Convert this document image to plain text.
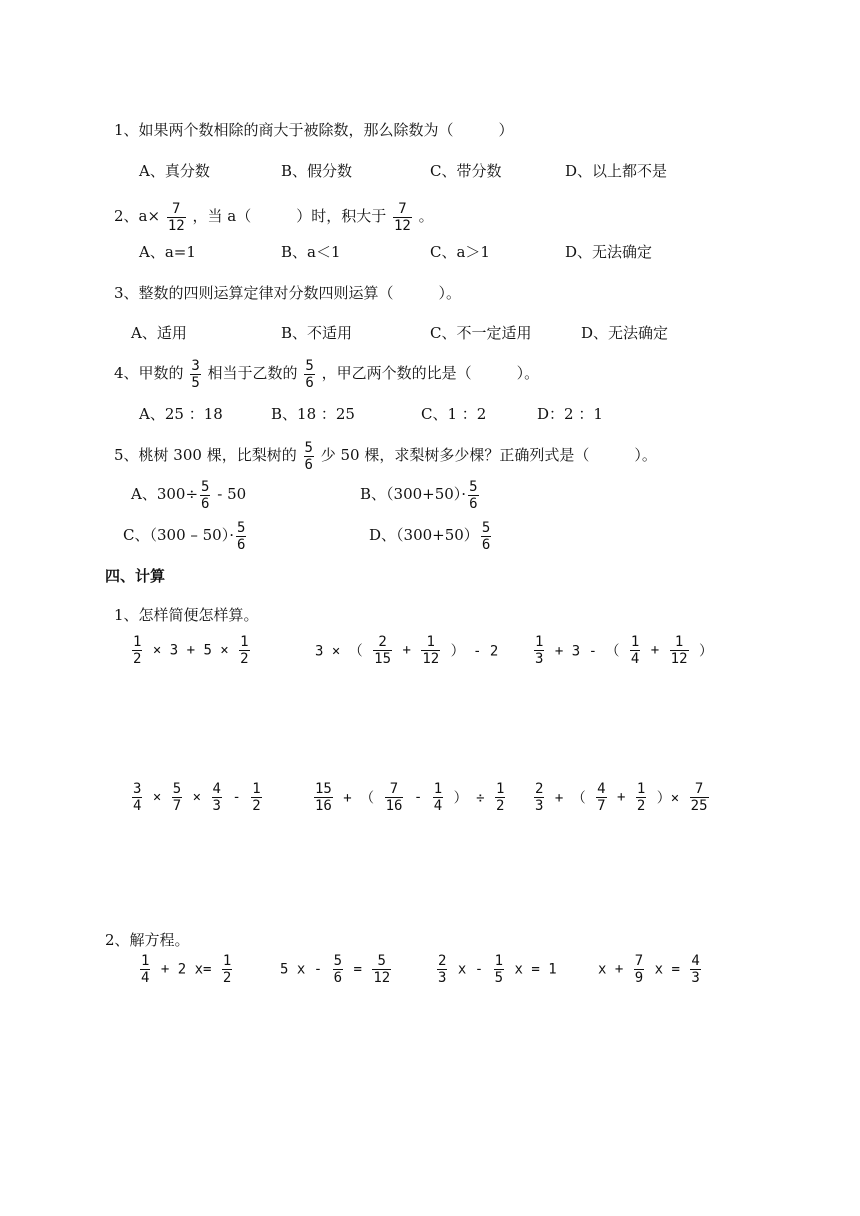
1、如果两个数相除的商大于被除数，那么除数为（　　　）
A、真分数	B、假分数	C、带分数	D、以上都不是
2、$a\times \frac{7}{12}$ ，当 a（　　　）时，积大于 $\frac{7}{12}$ 。
A、a=1	B、a＜1	C、a＞1	D、无法确定
3、整数的四则运算定律对分数四则运算（　　　）。
A、适用	B、不适用	C、不一定适用	D、无法确定
4、甲数的 $\frac{3}{5}$ 相当于乙数的 $\frac{5}{6}$ ，甲乙两个数的比是（　　　）。
A、25 ：18	B、18 ：25	C、1 ：2	D：2 ：1
5、桃树 300 棵，比梨树的 $\frac{5}{6}$ 少 50 棵，求梨树多少棵？正确列式是（　　　）。
A、$300\div \frac{5}{6} - 50$	B、$(300+50)\cdot \frac{5}{6}$
C、$(300 - 50)\cdot \frac{5}{6}$	D、$(300+50) \frac{5}{6}$
四、计算
1、怎样简便怎样算。
$\frac{1}{2} \times 3 + 5 \times \frac{1}{2}$	3 × （ $\frac{2}{15} + \frac{1}{12}$ ） - 2	$\frac{1}{3} + 3$ - （ $\frac{1}{4} + \frac{1}{12}$ ）
$\frac{3}{4} \times \frac{5}{7} \times \frac{4}{3} - \frac{1}{2}$	$\frac{15}{16}$ + （ $\frac{7}{16} - \frac{1}{4}$ ） ÷ $\frac{1}{2} \frac{2}{3}$ + （ $\frac{4}{7} + \frac{1}{2}$ ）× $\frac{7}{25}$
2、解方程。
$\frac{1}{4} + 2$ $x= \frac{1}{2}$	5 $x - \frac{5}{6} = \frac{5}{12}$	$\frac{2}{3}$ x - $\frac{1}{5}$ x = 1	$x + \frac{7}{9}$ $x = \frac{4}{3}$
